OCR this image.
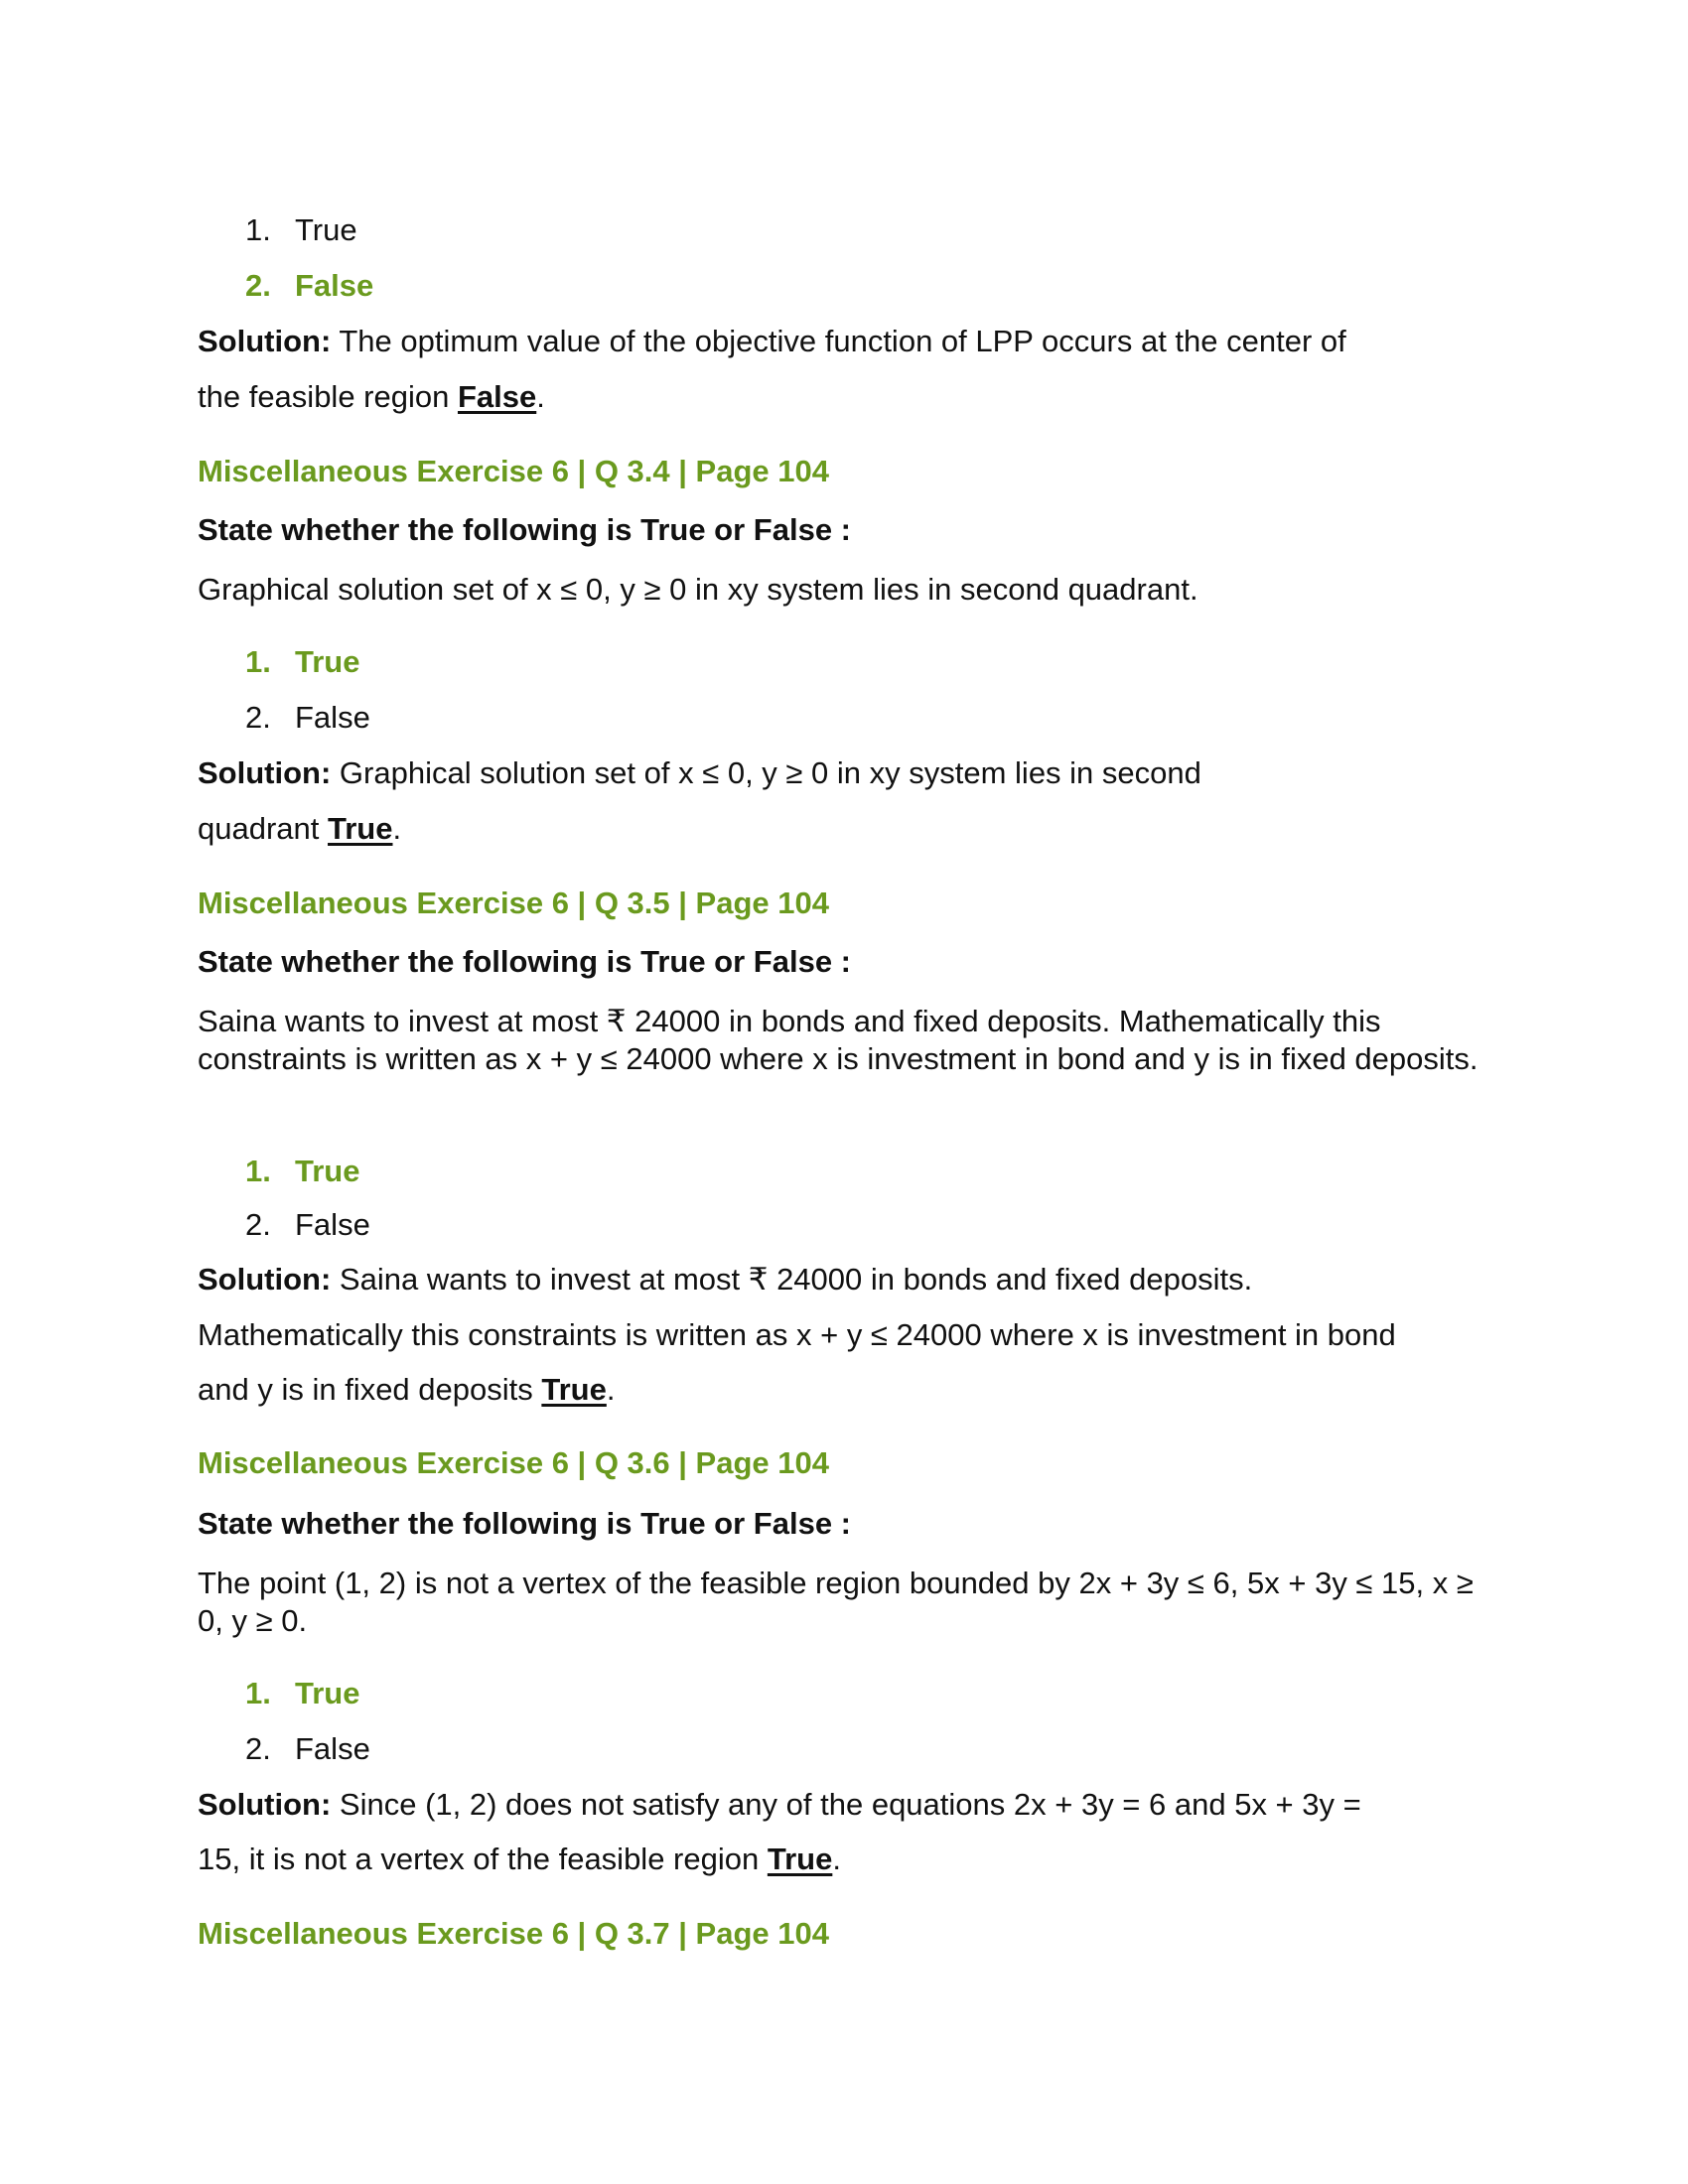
1. True
2. False
Solution: The optimum value of the objective function of LPP occurs at the center of
the feasible region False.
Miscellaneous Exercise 6 | Q 3.4 | Page 104
State whether the following is True or False :
Graphical solution set of x ≤ 0, y ≥ 0 in xy system lies in second quadrant.
1. True
2. False
Solution: Graphical solution set of x ≤ 0, y ≥ 0 in xy system lies in second
quadrant True.
Miscellaneous Exercise 6 | Q 3.5 | Page 104
State whether the following is True or False :
Saina wants to invest at most ₹ 24000 in bonds and fixed deposits. Mathematically this constraints is written as x + y ≤ 24000 where x is investment in bond and y is in fixed deposits.
1. True
2. False
Solution: Saina wants to invest at most ₹ 24000 in bonds and fixed deposits.
Mathematically this constraints is written as x + y ≤ 24000 where x is investment in bond
and y is in fixed deposits True.
Miscellaneous Exercise 6 | Q 3.6 | Page 104
State whether the following is True or False :
The point (1, 2) is not a vertex of the feasible region bounded by 2x + 3y ≤ 6, 5x + 3y ≤ 15, x ≥ 0, y ≥ 0.
1. True
2. False
Solution: Since (1, 2) does not satisfy any of the equations 2x + 3y = 6 and 5x + 3y =
15, it is not a vertex of the feasible region True.
Miscellaneous Exercise 6 | Q 3.7 | Page 104
